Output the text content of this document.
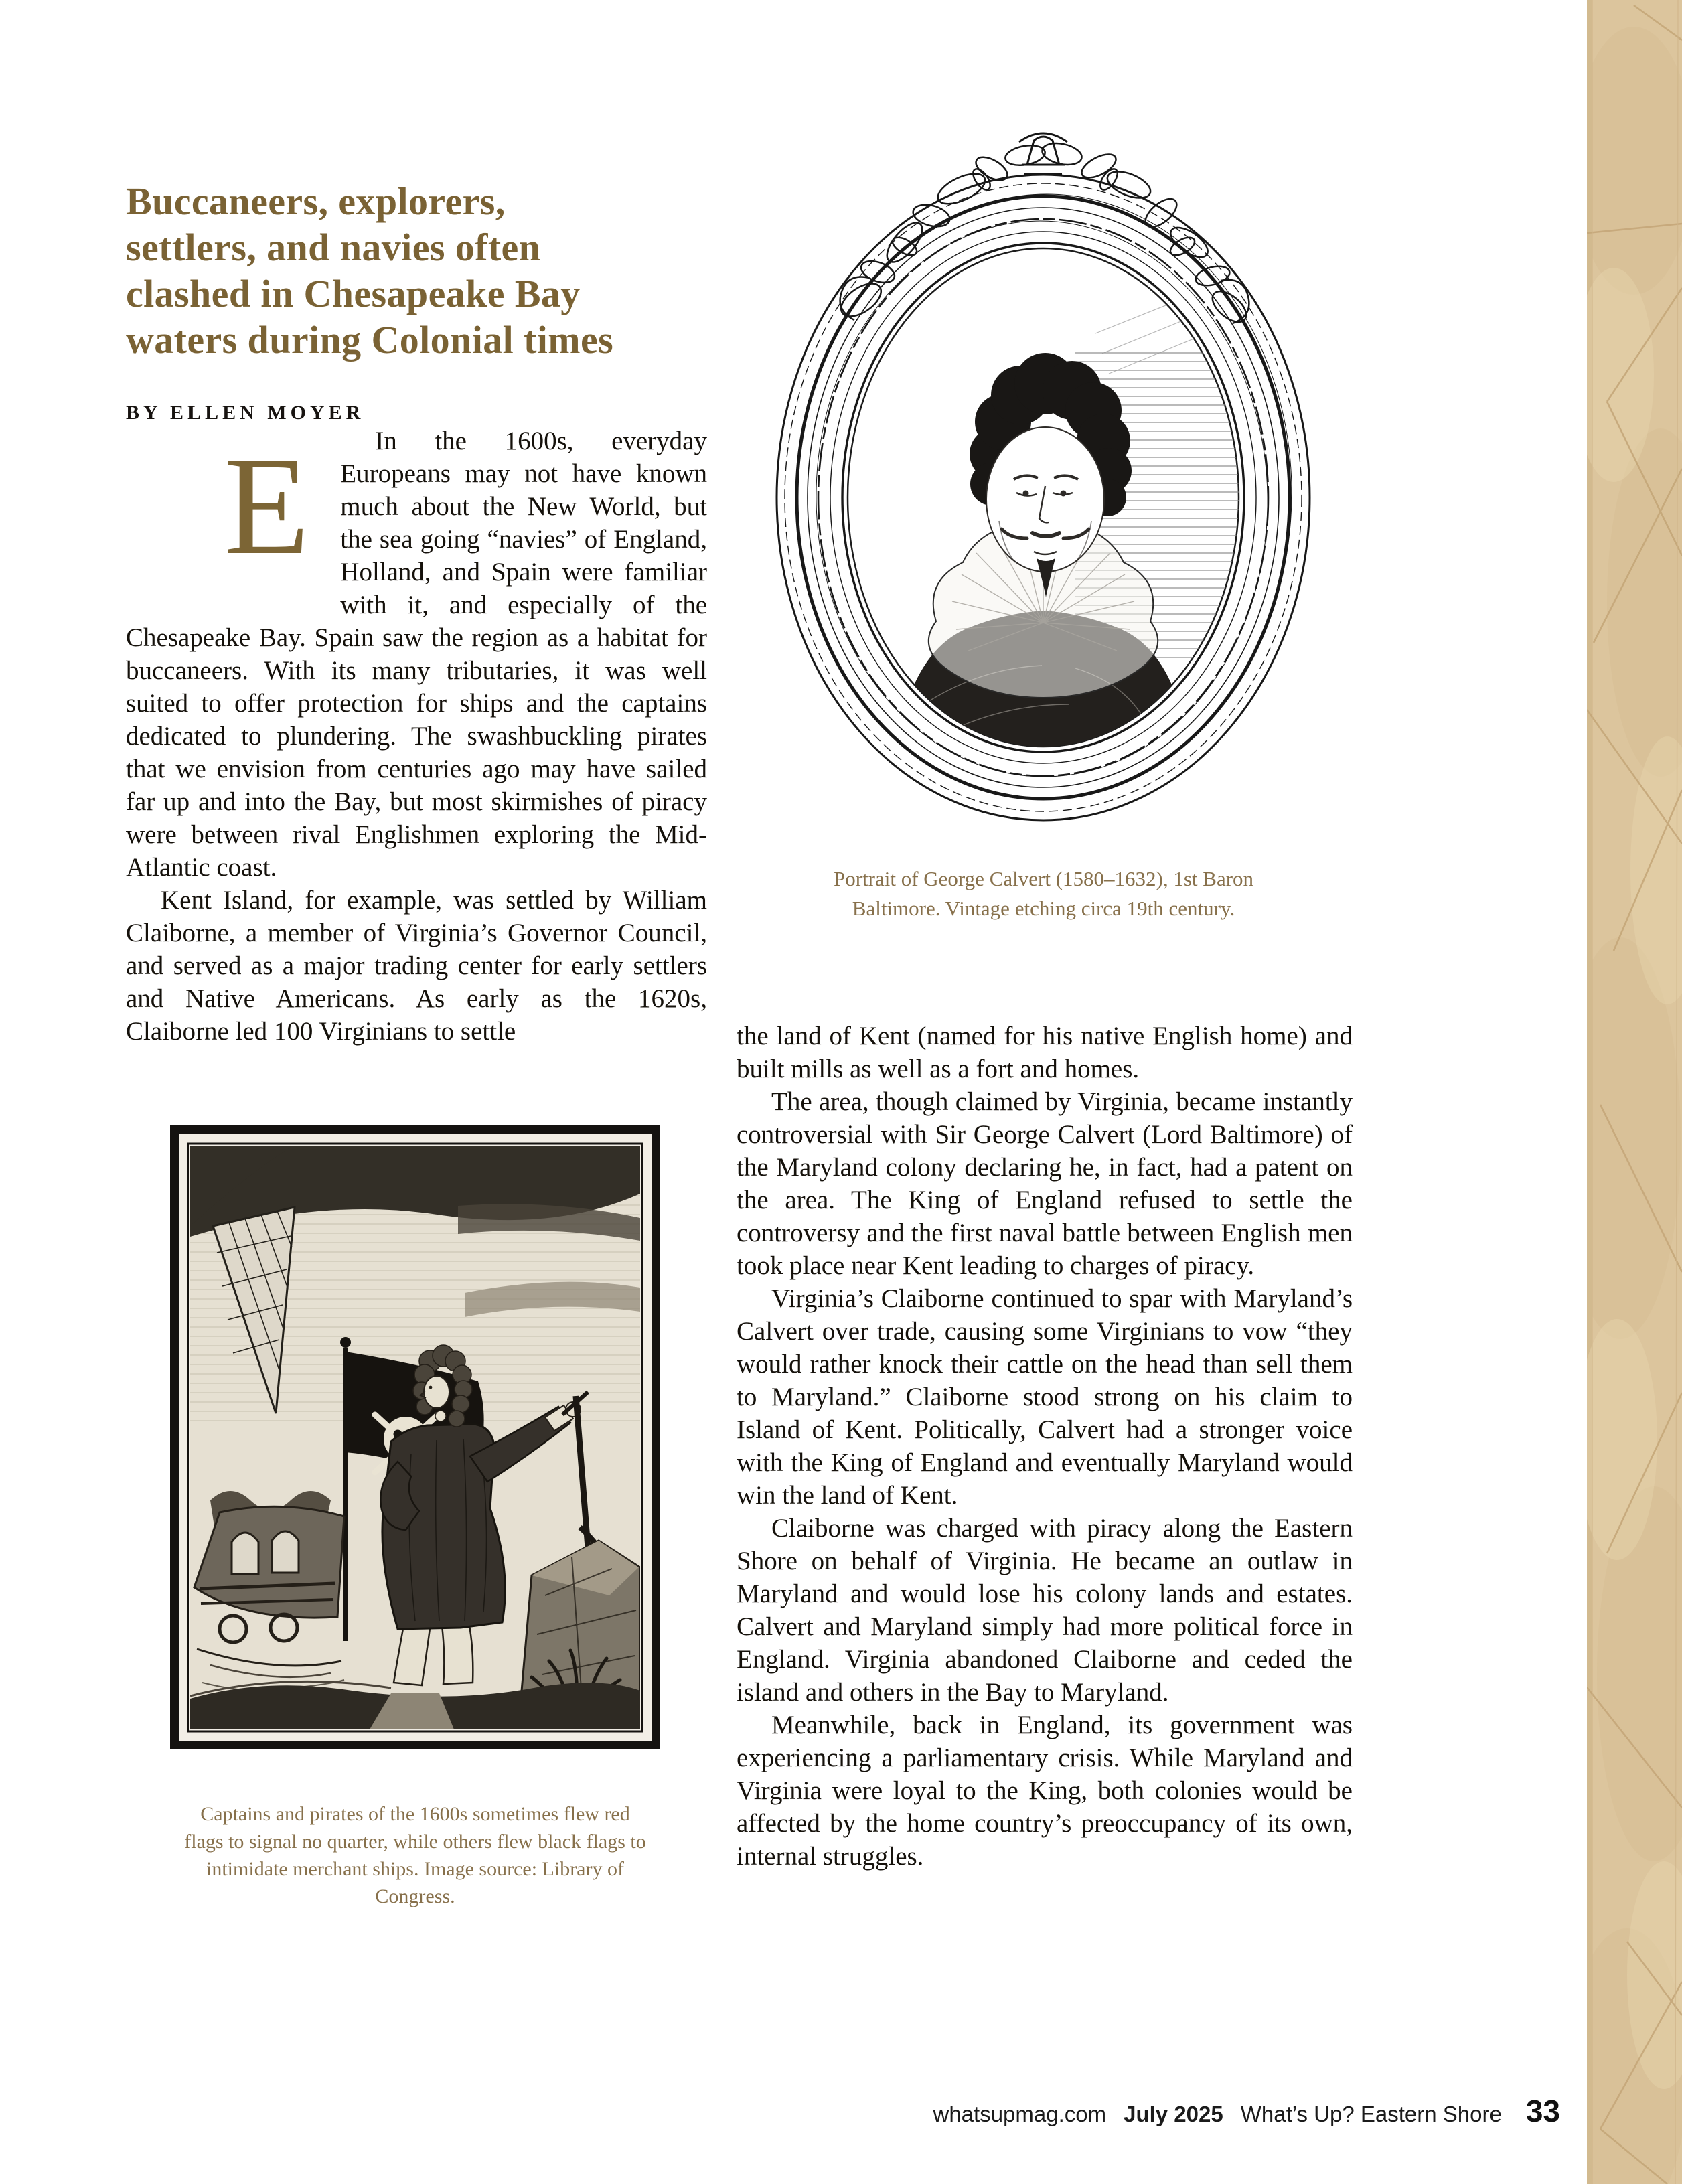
Buccaneers, explorers,
settlers, and navies often
clashed in Chesapeake Bay
waters during Colonial times
BY ELLEN MOYER

E	In the 1600s, everyday Europeans may not have known much about the New World, but the sea going “navies” of England, Holland, and Spain were familiar with it, and especially of the Chesapeake Bay. Spain saw the region as a habitat for buccaneers. With its many tributaries, it was well suited to offer protection for ships and the captains dedicated to plundering. The swashbuckling pirates that we envision from centuries ago may have sailed far up and into the Bay, but most skirmishes of piracy were between rival Englishmen exploring the Mid-Atlantic coast.

Kent Island, for example, was settled by William Claiborne, a member of Virginia’s Governor Council, and served as a major trading center for early settlers and Native Americans. As early as the 1620s, Claiborne led 100 Virginians to settle

Captains and pirates of the 1600s sometimes flew red flags to signal no quarter, while others flew black flags to intimidate merchant ships. Image source: Library of Congress.
Portrait of George Calvert (1580–1632), 1st Baron Baltimore. Vintage etching circa 19th century.

the land of Kent (named for his native English home) and built mills as well as a fort and homes.

The area, though claimed by Virginia, became instantly controversial with Sir George Calvert (Lord Baltimore) of the Maryland colony declaring he, in fact, had a patent on the area. The King of England refused to settle the controversy and the first naval battle between English men took place near Kent leading to charges of piracy.

Virginia’s Claiborne continued to spar with Maryland’s Calvert over trade, causing some Virginians to vow “they would rather knock their cattle on the head than sell them to Maryland.” Claiborne stood strong on his claim to Island of Kent. Politically, Calvert had a stronger voice with the King of England and eventually Maryland would win the land of Kent.

Claiborne was charged with piracy along the Eastern Shore on behalf of Virginia. He became an outlaw in Maryland and would lose his colony lands and estates. Calvert and Maryland simply had more political force in England. Virginia abandoned Claiborne and ceded the island and others in the Bay to Maryland.

Meanwhile, back in England, its government was experiencing a parliamentary crisis. While Maryland and Virginia were loyal to the King, both colonies would be affected by the home country’s preoccupancy of its own, internal struggles.

whatsupmag.com July 2025 What’s Up? Eastern Shore 33
